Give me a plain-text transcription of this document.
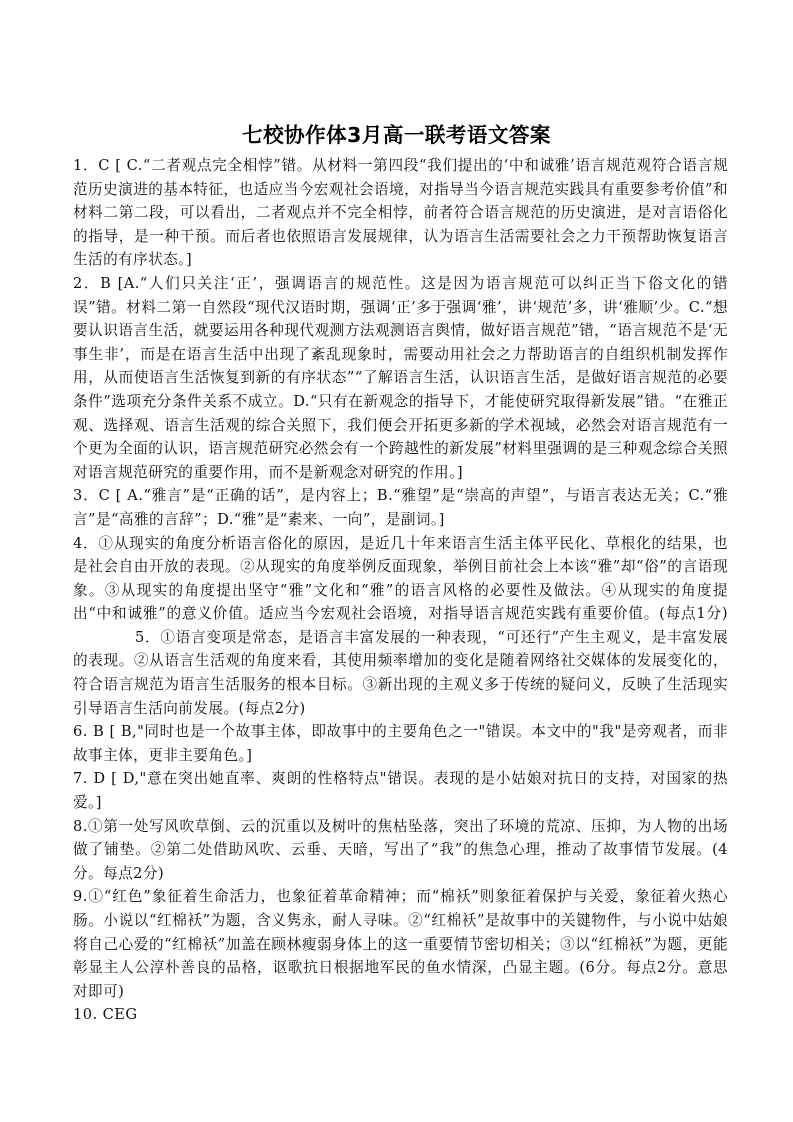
七校协作体3月高一联考语文答案

1．C [ C.“二者观点完全相悖”错。从材料一第四段“我们提出的‘中和诚雅’语言规范观符合语言规范历史演进的基本特征，也适应当今宏观社会语境，对指导当今语言规范实践具有重要参考价值”和材料二第二段，可以看出，二者观点并不完全相悖，前者符合语言规范的历史演进，是对言语俗化的指导，是一种干预。而后者也依照语言发展规律，认为语言生活需要社会之力干预帮助恢复语言生活的有序状态。]

2．B [A.“人们只关注‘正’，强调语言的规范性。这是因为语言规范可以纠正当下俗文化的错误”错。材料二第一自然段“现代汉语时期，强调‘正’多于强调‘雅’，讲‘规范’多，讲‘雅顺’少。C.“想要认识语言生活，就要运用各种现代观测方法观测语言舆情，做好语言规范”错，“语言规范不是‘无事生非’，而是在语言生活中出现了紊乱现象时，需要动用社会之力帮助语言的自组织机制发挥作用，从而使语言生活恢复到新的有序状态”“了解语言生活，认识语言生活，是做好语言规范的必要条件”选项充分条件关系不成立。D.“只有在新观念的指导下，才能使研究取得新发展”错。“在雅正观、选择观、语言生活观的综合关照下，我们便会开拓更多新的学术视域，必然会对语言规范有一个更为全面的认识，语言规范研究必然会有一个跨越性的新发展”材料里强调的是三种观念综合关照对语言规范研究的重要作用，而不是新观念对研究的作用。]

3．C [ A.“雅言”是“正确的话”，是内容上；B.“雅望”是“崇高的声望”，与语言表达无关；C.“雅言”是“高雅的言辞”；D.“雅”是“素来、一向”，是副词。]

4．①从现实的角度分析语言俗化的原因，是近几十年来语言生活主体平民化、草根化的结果，也是社会自由开放的表现。②从现实的角度举例反面现象，举例目前社会上本该“雅”却“俗”的言语现象。③从现实的角度提出坚守“雅”文化和“雅”的语言风格的必要性及做法。④从现实的角度提出“中和诚雅”的意义价值。适应当今宏观社会语境，对指导语言规范实践有重要价值。(每点1分)5．①语言变项是常态，是语言丰富发展的一种表现，“可还行”产生主观义，是丰富发展的表现。②从语言生活观的角度来看，其使用频率增加的变化是随着网络社交媒体的发展变化的，符合语言规范为语言生活服务的根本目标。③新出现的主观义多于传统的疑问义，反映了生活现实引导语言生活向前发展。(每点2分)

6. B [ B,"同时也是一个故事主体，即故事中的主要角色之一"错误。本文中的"我"是旁观者，而非故事主体，更非主要角色。]

7. D [ D,"意在突出她直率、爽朗的性格特点"错误。表现的是小姑娘对抗日的支持，对国家的热爱。]

8.①第一处写风吹草倒、云的沉重以及树叶的焦枯坠落，突出了环境的荒凉、压抑，为人物的出场做了铺垫。②第二处借助风吹、云垂、天暗，写出了“我”的焦急心理，推动了故事情节发展。(4分。每点2分)

9.①“红色”象征着生命活力，也象征着革命精神；而“棉袄”则象征着保护与关爱，象征着火热心肠。小说以“红棉袄”为题，含义隽永，耐人寻味。②“红棉袄”是故事中的关键物件，与小说中姑娘将自己心爱的“红棉袄”加盖在顾林瘦弱身体上的这一重要情节密切相关；③以“红棉袄”为题，更能彰显主人公淳朴善良的品格，讴歌抗日根据地军民的鱼水情深，凸显主题。(6分。每点2分。意思对即可)

10. CEG
